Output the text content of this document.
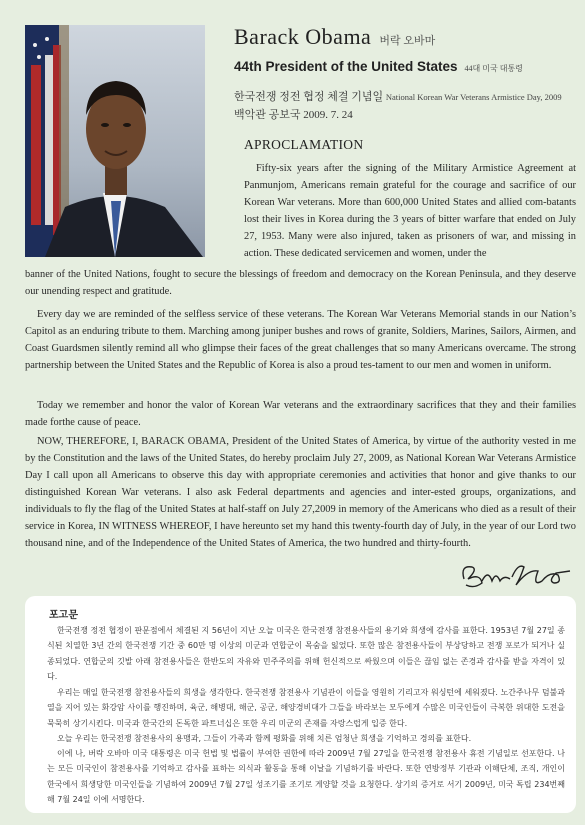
Barack Obama 버락 오바마
44th President of the United States 44대 미국 대통령
한국전쟁 정전 협정 체결 기념일 National Korean War Veterans Armistice Day, 2009
백악관 공보국 2009. 7. 24
APROCLAMATION

Fifty-six years after the signing of the Military Armistice Agreement at Panmunjom, Americans remain grateful for the courage and sacrifice of our Korean War veterans. More than 600,000 United States and allied com-batants lost their lives in Korea during the 3 years of bitter warfare that ended on July 27, 1953. Many were also injured, taken as prisoners of war, and missing in action. These dedicated servicemen and women, under the

banner of the United Nations, fought to secure the blessings of freedom and democracy on the Korean Peninsula, and they deserve our unending respect and gratitude.

Every day we are reminded of the selfless service of these veterans. The Korean War Veterans Memorial stands in our Nation’s Capitol as an enduring tribute to them. Marching among juniper bushes and rows of granite, Soldiers, Marines, Sailors, Airmen, and Coast Guardsmen silently remind all who glimpse their faces of the great challenges that so many Americans overcame. The strong partnership between the United States and the Republic of Korea is also a proud tes-tament to our men and women in uniform.

Today we remember and honor the valor of Korean War veterans and the extraordinary sacrifices that they and their families made forthe cause of peace.

NOW, THEREFORE, I, BARACK OBAMA, President of the United States of America, by virtue of the authority vested in me by the Constitution and the laws of the United States, do hereby proclaim July 27, 2009, as National Korean War Veterans Armistice Day I call upon all Americans to observe this day with appropriate ceremonies and activities that honor and give thanks to our distinguished Korean War veterans. I also ask Federal departments and agencies and inter-ested groups, organizations, and individuals to fly the flag of the United States at half-staff on July 27,2009 in memory of the Americans who died as a result of their service in Korea, IN WITNESS WHEREOF, I have hereunto set my hand this twenty-fourth day of July, in the year of our Lord two thousand nine, and of the Independence of the United States of America, the two hundred and thirty-fourth.

포고문

한국전쟁 정전 협정이 판문점에서 체결된 지 56년이 지난 오늘 미국은 한국전쟁 참전용사들의 용기와 희생에 감사를 표한다. 1953년 7월 27일 종식된 치열한 3년 간의 한국전쟁 기간 중 60만 명 이상의 미군과 연합군이 목숨을 잃었다. 또한 많은 참전용사들이 부상당하고 전쟁 포로가 되거나 실종되었다. 연합군의 깃발 아래 참전용사들은 한반도의 자유와 민주주의를 위해 헌신적으로 싸웠으며 이들은 끊임 없는 존경과 감사를 받을 자격이 있다.

우리는 매일 한국전쟁 참전용사들의 희생을 생각한다. 한국전쟁 참전용사 기념관이 이들을 영원히 기리고자 워싱턴에 세워졌다. 노간주나무 덤불과 열을 지어 있는 화강암 사이를 행진하며, 육군, 해병대, 해군, 공군, 해양경비대가 그들을 바라보는 모두에게 수많은 미국인들이 극복한 위대한 도전을 묵묵히 상기시킨다. 미국과 한국간의 돈독한 파트너십은 또한 우리 미군의 존재를 자랑스럽게 입증 한다.

오늘 우리는 한국전쟁 참전용사의 용맹과, 그들이 가족과 함께 평화를 위해 치른 엄청난 희생을 기억하고 경의를 표한다.

이에 나, 버락 오바마 미국 대통령은 미국 헌법 및 법률이 부여한 권한에 따라 2009년 7월 27일을 한국전쟁 참전용사 휴전 기념일로 선포한다. 나는 모든 미국인이 참전용사를 기억하고 감사를 표하는 의식과 활동을 통해 이날을 기념하기를 바란다. 또한 연방정부 기관과 이해단체, 조직, 개인이 한국에서 희생당한 미국인들을 기념하여 2009년 7월 27일 성조기를 조기로 게양할 것을 요청한다. 상기의 증거로 서기 2009년, 미국 독립 234번째 해 7월 24일 이에 서명한다.
